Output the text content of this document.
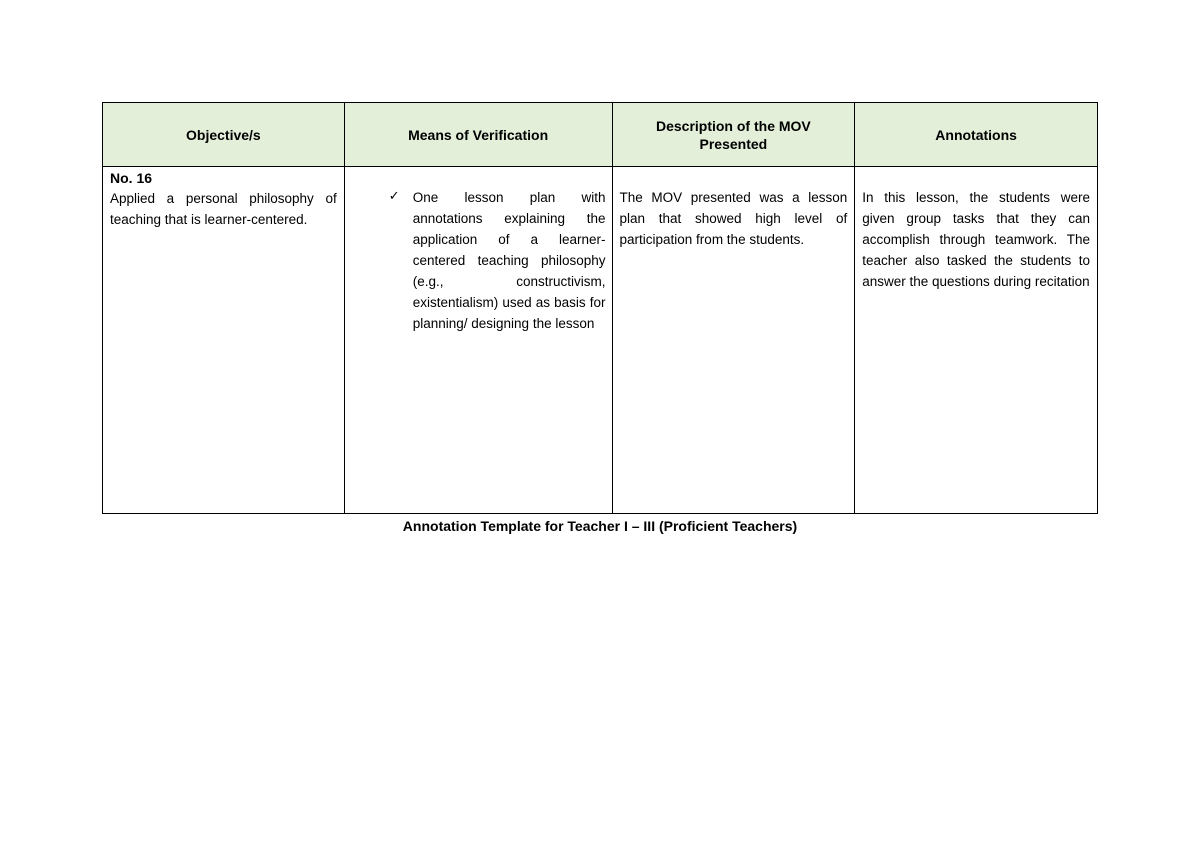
Objective/s	Means of Verification	Description of the MOV Presented	Annotations

No. 16
Applied a personal philosophy of teaching that is learner-centered.	✓ One lesson plan with annotations explaining the application of a learner-centered teaching philosophy (e.g., constructivism, existentialism) used as basis for planning/ designing the lesson	The MOV presented was a lesson plan that showed high level of participation from the students.	In this lesson, the students were given group tasks that they can accomplish through teamwork. The teacher also tasked the students to answer the questions during recitation
Annotation Template for Teacher I – III (Proficient Teachers)
